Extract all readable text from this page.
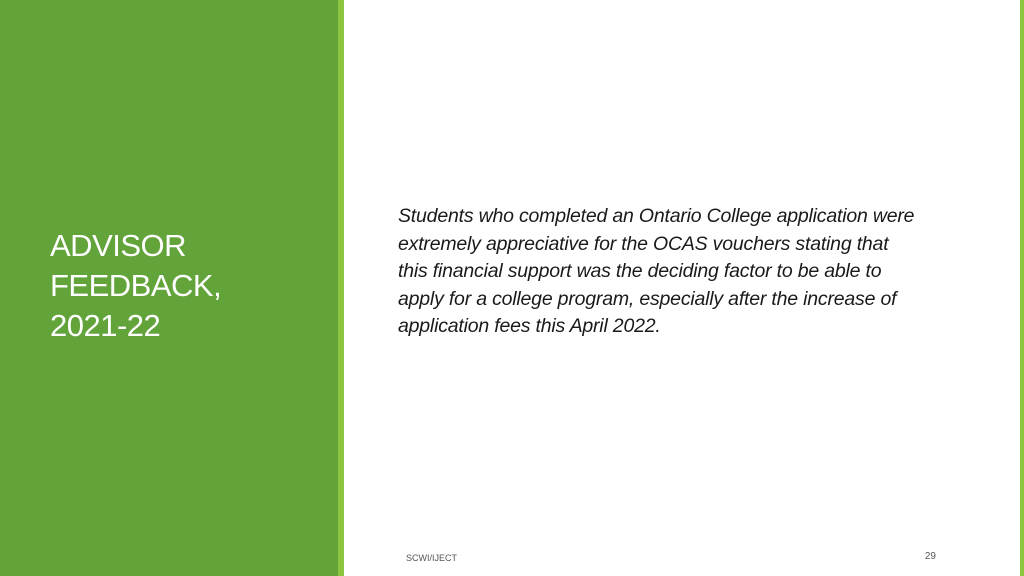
ADVISOR
FEEDBACK,
2021-22

Students who completed an Ontario College application were extremely appreciative for the OCAS vouchers stating that this financial support was the deciding factor to be able to apply for a college program, especially after the increase of application fees this April 2022.

SCWI/IJECT	29
